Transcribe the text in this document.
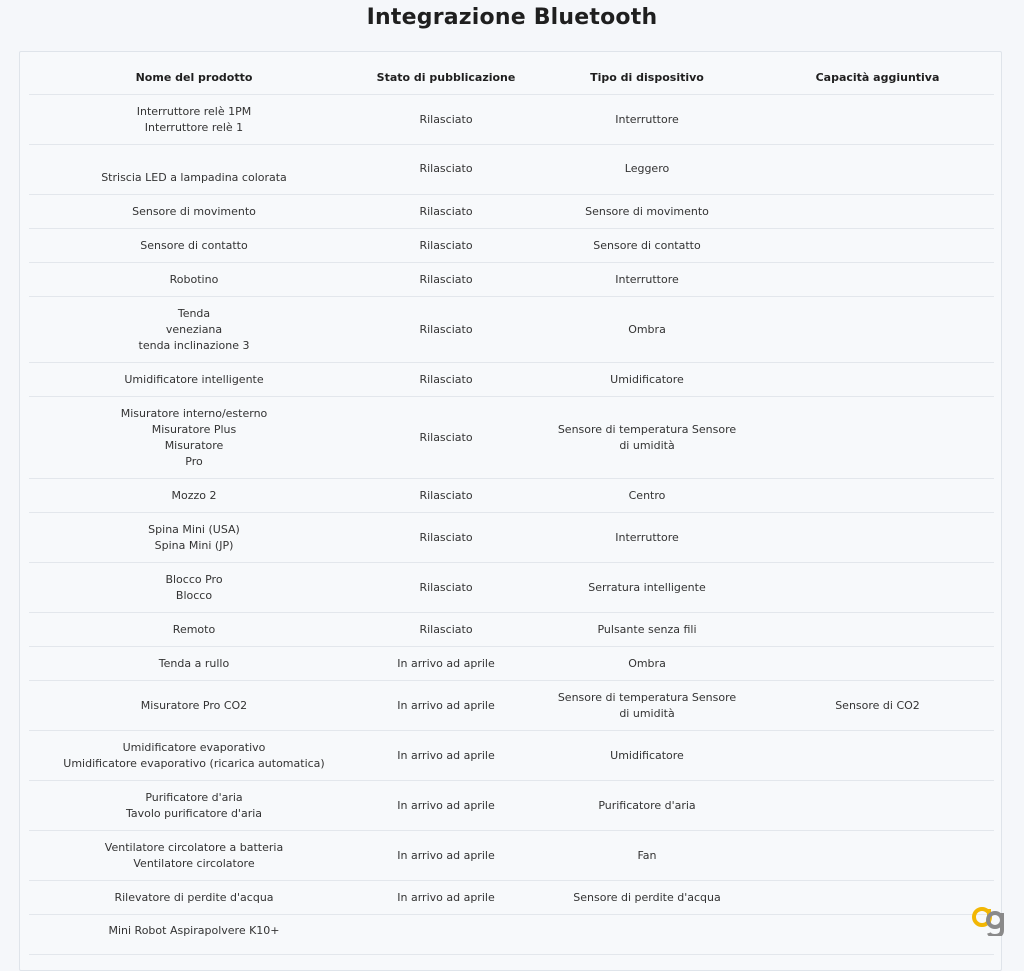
Integrazione Bluetooth
Nome del prodotto	Stato di pubblicazione	Tipo di dispositivo	Capacità aggiuntiva

Interruttore relè 1PM
Interruttore relè 1	Rilasciato	Interruttore	

Striscia LED a lampadina colorata	Rilasciato	Leggero	

Sensore di movimento	Rilasciato	Sensore di movimento	

Sensore di contatto	Rilasciato	Sensore di contatto	

Robotino	Rilasciato	Interruttore	

Tenda
veneziana
tenda inclinazione 3	Rilasciato	Ombra	

Umidificatore intelligente	Rilasciato	Umidificatore	

Misuratore interno/esterno
Misuratore Plus
Misuratore
Pro	Rilasciato	Sensore di temperatura Sensore di umidità	

Mozzo 2	Rilasciato	Centro	

Spina Mini (USA)
Spina Mini (JP)	Rilasciato	Interruttore	

Blocco Pro
Blocco	Rilasciato	Serratura intelligente	

Remoto	Rilasciato	Pulsante senza fili	

Tenda a rullo	In arrivo ad aprile	Ombra	

Misuratore Pro CO2	In arrivo ad aprile	Sensore di temperatura Sensore di umidità	Sensore di CO2

Umidificatore evaporativo
Umidificatore evaporativo (ricarica automatica)	In arrivo ad aprile	Umidificatore	

Purificatore d'aria
Tavolo purificatore d'aria	In arrivo ad aprile	Purificatore d'aria	

Ventilatore circolatore a batteria
Ventilatore circolatore	In arrivo ad aprile	Fan	

Rilevatore di perdite d'acqua	In arrivo ad aprile	Sensore di perdite d'acqua	

Mini Robot Aspirapolvere K10+			
